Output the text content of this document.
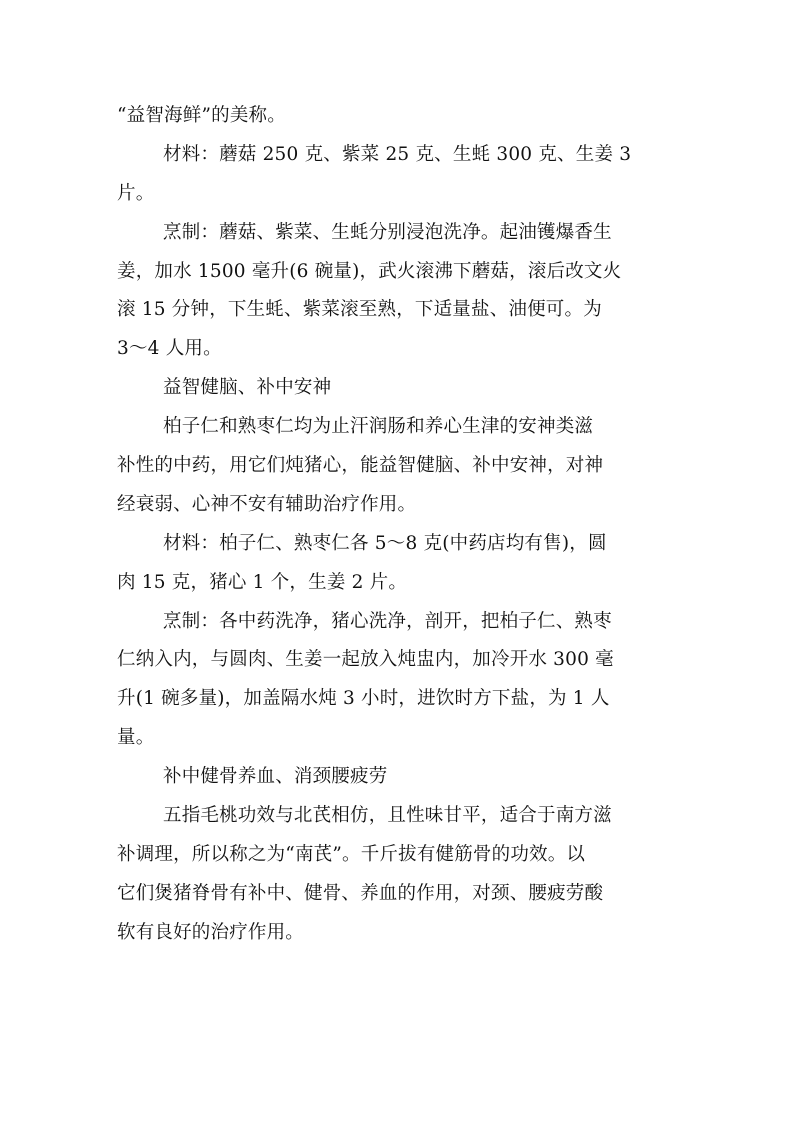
“益智海鲜”的美称。
材料：蘑菇 250 克、紫菜 25 克、生蚝 300 克、生姜 3
片。
烹制：蘑菇、紫菜、生蚝分别浸泡洗净。起油镬爆香生
姜，加水 1500 毫升(6 碗量)，武火滚沸下蘑菇，滚后改文火
滚 15 分钟，下生蚝、紫菜滚至熟，下适量盐、油便可。为
3～4 人用。
益智健脑、补中安神
柏子仁和熟枣仁均为止汗润肠和养心生津的安神类滋
补性的中药，用它们炖猪心，能益智健脑、补中安神，对神
经衰弱、心神不安有辅助治疗作用。
材料：柏子仁、熟枣仁各 5～8 克(中药店均有售)，圆
肉 15 克，猪心 1 个，生姜 2 片。
烹制：各中药洗净，猪心洗净，剖开，把柏子仁、熟枣
仁纳入内，与圆肉、生姜一起放入炖盅内，加冷开水 300 毫
升(1 碗多量)，加盖隔水炖 3 小时，进饮时方下盐，为 1 人
量。
补中健骨养血、消颈腰疲劳
五指毛桃功效与北芪相仿，且性味甘平，适合于南方滋
补调理，所以称之为“南芪”。千斤拔有健筋骨的功效。以
它们煲猪脊骨有补中、健骨、养血的作用，对颈、腰疲劳酸
软有良好的治疗作用。
